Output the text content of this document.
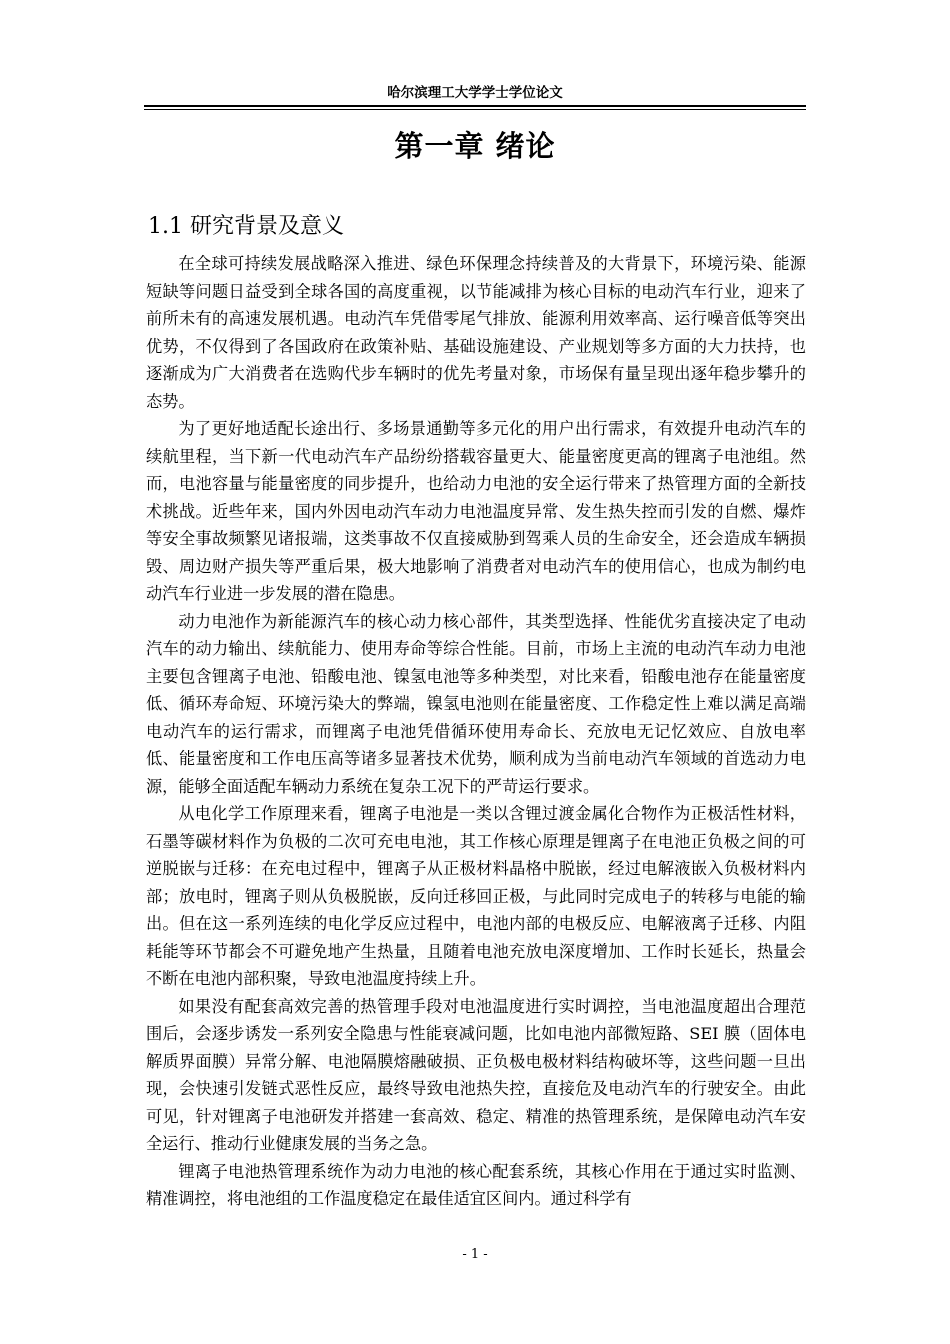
哈尔滨理工大学学士学位论文
第一章 绪论
1.1 研究背景及意义

在全球可持续发展战略深入推进、绿色环保理念持续普及的大背景下，环境污染、能源短缺等问题日益受到全球各国的高度重视，以节能减排为核心目标的电动汽车行业，迎来了前所未有的高速发展机遇。电动汽车凭借零尾气排放、能源利用效率高、运行噪音低等突出优势，不仅得到了各国政府在政策补贴、基础设施建设、产业规划等多方面的大力扶持，也逐渐成为广大消费者在选购代步车辆时的优先考量对象，市场保有量呈现出逐年稳步攀升的态势。

为了更好地适配长途出行、多场景通勤等多元化的用户出行需求，有效提升电动汽车的续航里程，当下新一代电动汽车产品纷纷搭载容量更大、能量密度更高的锂离子电池组。然而，电池容量与能量密度的同步提升，也给动力电池的安全运行带来了热管理方面的全新技术挑战。近些年来，国内外因电动汽车动力电池温度异常、发生热失控而引发的自燃、爆炸等安全事故频繁见诸报端，这类事故不仅直接威胁到驾乘人员的生命安全，还会造成车辆损毁、周边财产损失等严重后果，极大地影响了消费者对电动汽车的使用信心，也成为制约电动汽车行业进一步发展的潜在隐患。

动力电池作为新能源汽车的核心动力核心部件，其类型选择、性能优劣直接决定了电动汽车的动力输出、续航能力、使用寿命等综合性能。目前，市场上主流的电动汽车动力电池主要包含锂离子电池、铅酸电池、镍氢电池等多种类型，对比来看，铅酸电池存在能量密度低、循环寿命短、环境污染大的弊端，镍氢电池则在能量密度、工作稳定性上难以满足高端电动汽车的运行需求，而锂离子电池凭借循环使用寿命长、充放电无记忆效应、自放电率低、能量密度和工作电压高等诸多显著技术优势，顺利成为当前电动汽车领域的首选动力电源，能够全面适配车辆动力系统在复杂工况下的严苛运行要求。

从电化学工作原理来看，锂离子电池是一类以含锂过渡金属化合物作为正极活性材料，石墨等碳材料作为负极的二次可充电电池，其工作核心原理是锂离子在电池正负极之间的可逆脱嵌与迁移：在充电过程中，锂离子从正极材料晶格中脱嵌，经过电解液嵌入负极材料内部；放电时，锂离子则从负极脱嵌，反向迁移回正极，与此同时完成电子的转移与电能的输出。但在这一系列连续的电化学反应过程中，电池内部的电极反应、电解液离子迁移、内阻耗能等环节都会不可避免地产生热量，且随着电池充放电深度增加、工作时长延长，热量会不断在电池内部积聚，导致电池温度持续上升。

如果没有配套高效完善的热管理手段对电池温度进行实时调控，当电池温度超出合理范围后，会逐步诱发一系列安全隐患与性能衰减问题，比如电池内部微短路、SEI 膜（固体电解质界面膜）异常分解、电池隔膜熔融破损、正负极电极材料结构破坏等，这些问题一旦出现，会快速引发链式恶性反应，最终导致电池热失控，直接危及电动汽车的行驶安全。由此可见，针对锂离子电池研发并搭建一套高效、稳定、精准的热管理系统，是保障电动汽车安全运行、推动行业健康发展的当务之急。

锂离子电池热管理系统作为动力电池的核心配套系统，其核心作用在于通过实时监测、精准调控，将电池组的工作温度稳定在最佳适宜区间内。通过科学有

- 1 -
